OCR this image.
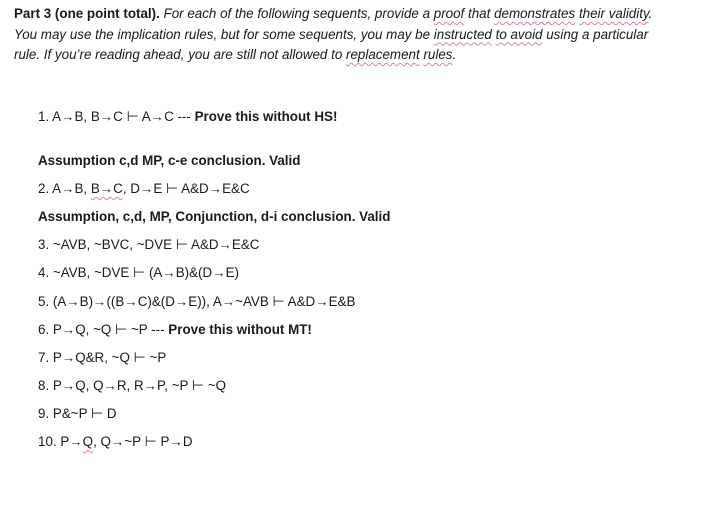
Part 3 (one point total). For each of the following sequents, provide a proof that demonstrates their validity. You may use the implication rules, but for some sequents, you may be instructed to avoid using a particular rule. If you’re reading ahead, you are still not allowed to replacement rules.
1. A→B, B→C ⊢ A→C --- Prove this without HS!
Assumption c,d MP, c-e conclusion. Valid
2. A→B, B→C, D→E ⊢ A&D→E&C
Assumption, c,d, MP, Conjunction, d-i conclusion. Valid
3. ~AVB, ~BVC, ~DVE ⊢ A&D→E&C
4. ~AVB, ~DVE ⊢ (A→B)&(D→E)
5. (A→B)→((B→C)&(D→E)), A→~AVB ⊢ A&D→E&B
6. P→Q, ~Q ⊢ ~P --- Prove this without MT!
7. P→Q&R, ~Q ⊢ ~P
8. P→Q, Q→R, R→P, ~P ⊢ ~Q
9. P&~P ⊢ D
10. P→Q, Q→~P ⊢ P→D
